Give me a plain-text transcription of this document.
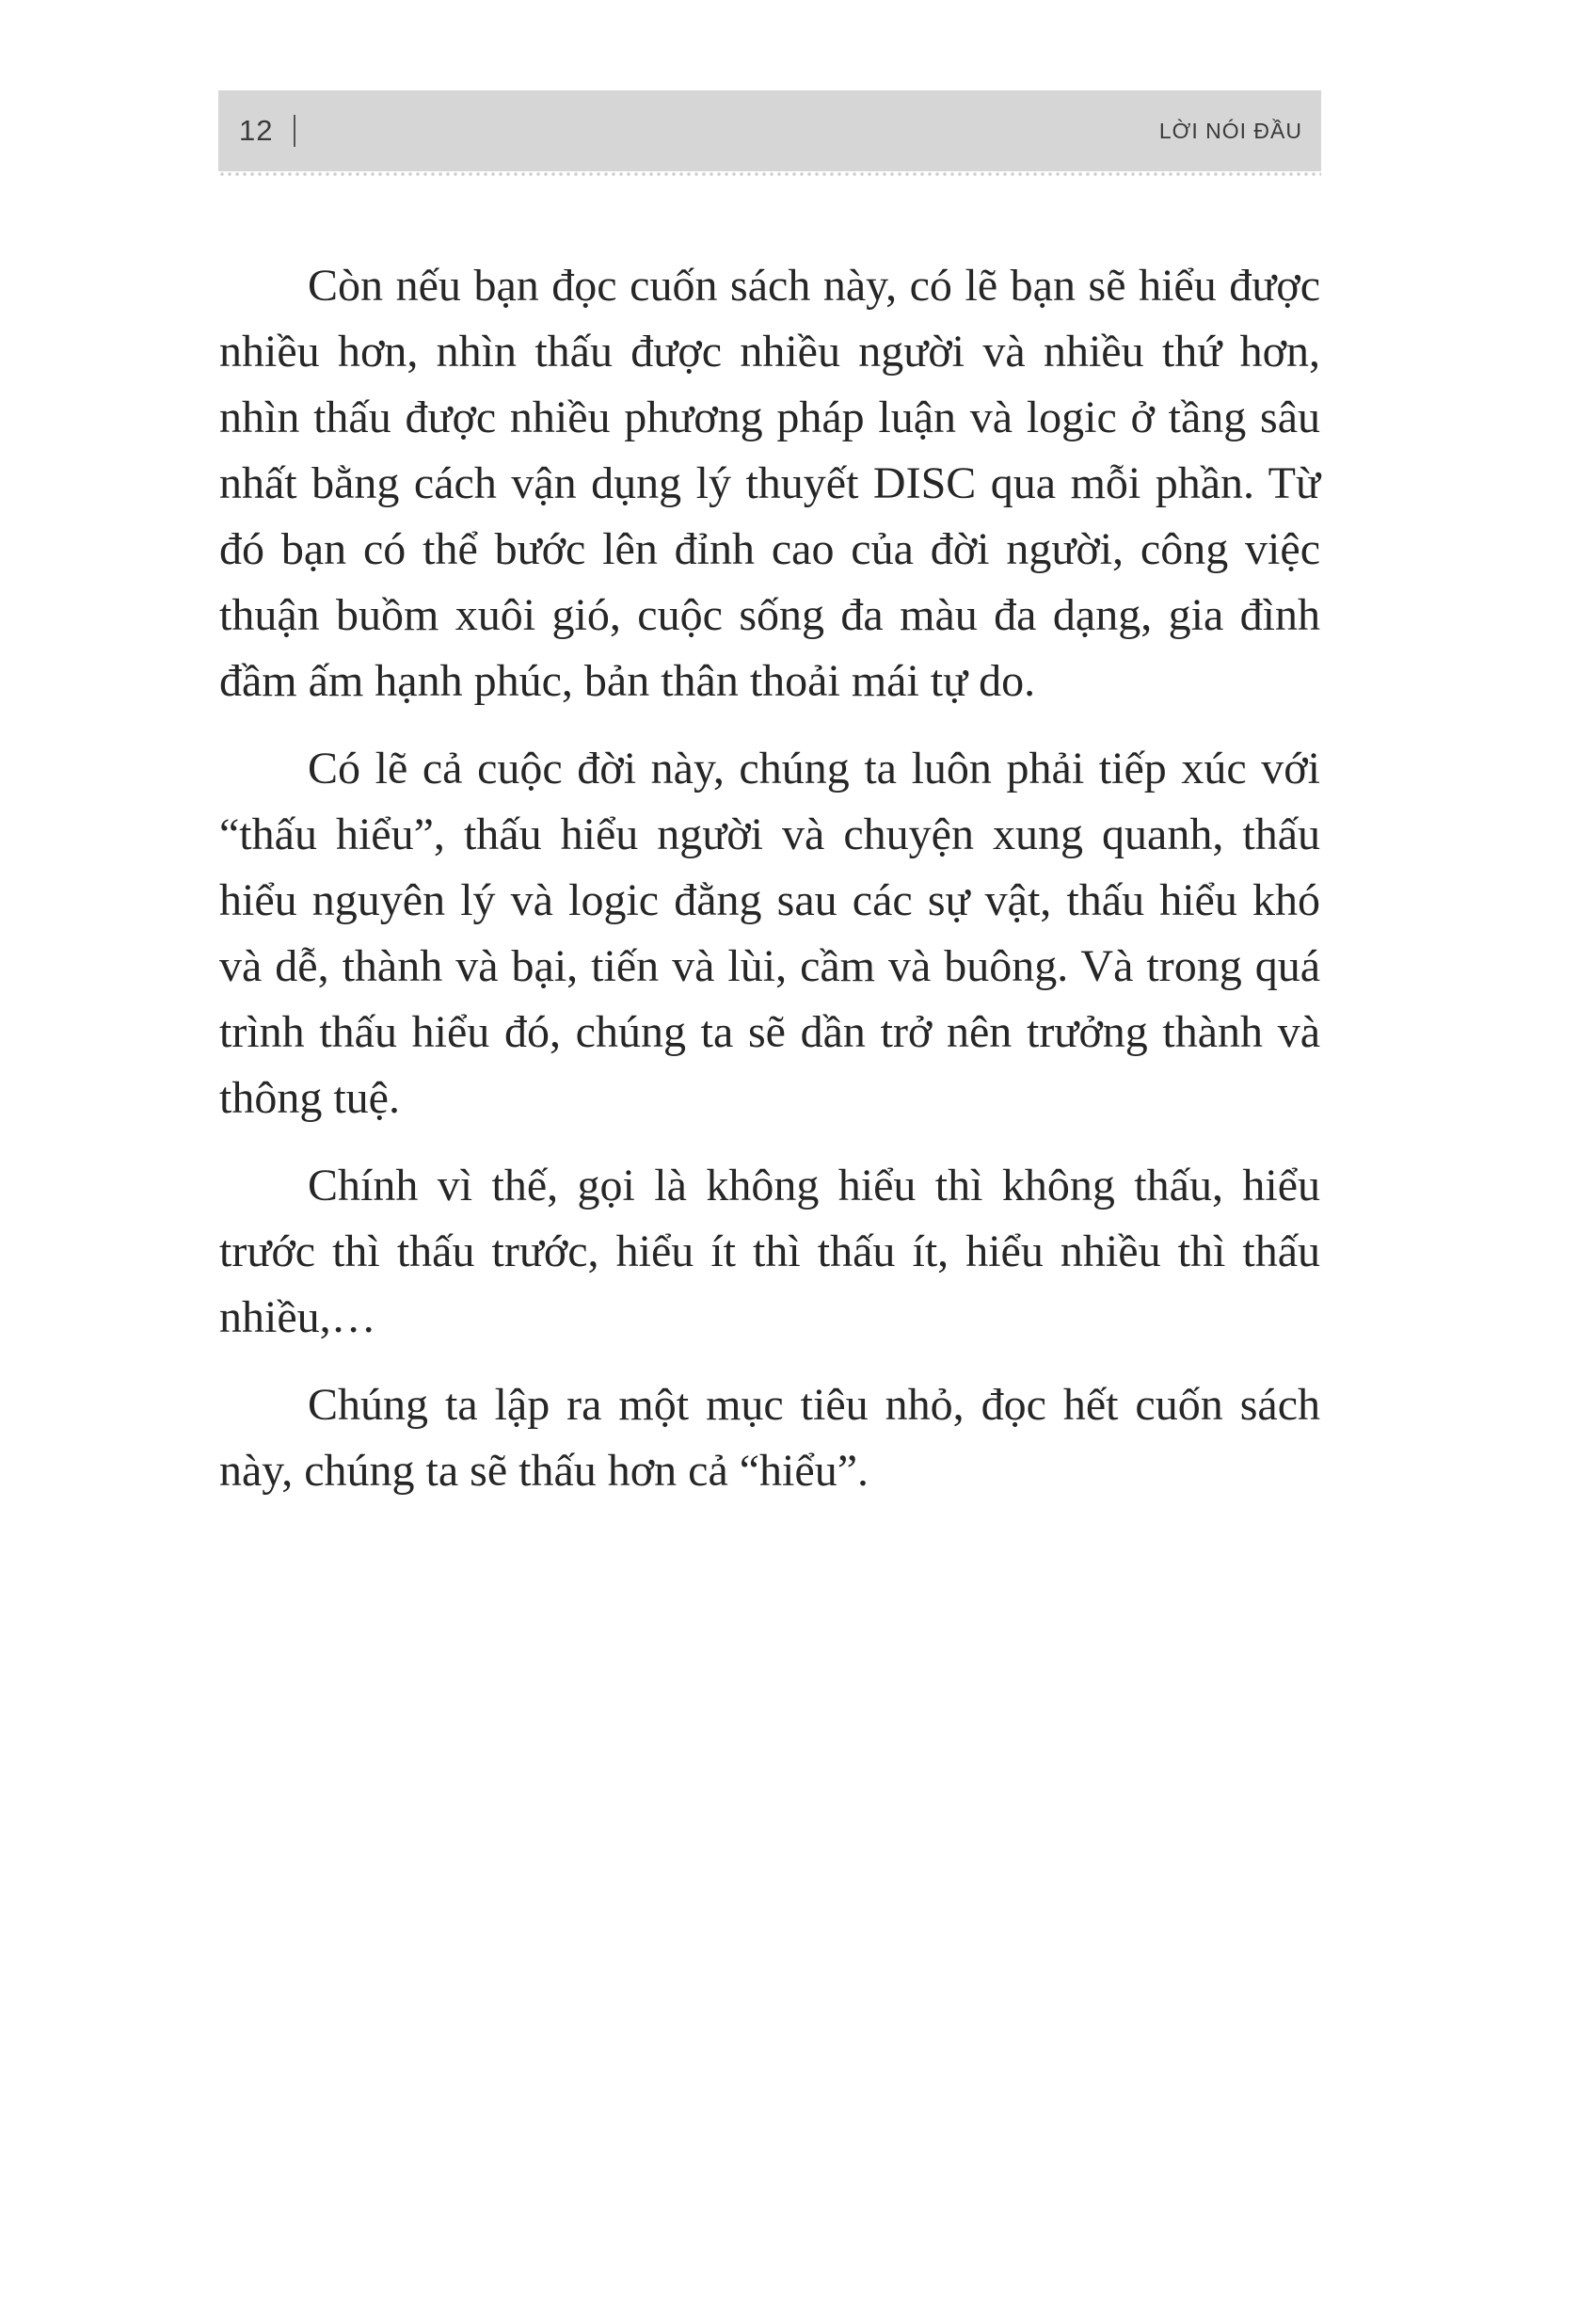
12	LỜI NÓI ĐẦU

Còn nếu bạn đọc cuốn sách này, có lẽ bạn sẽ hiểu được nhiều hơn, nhìn thấu được nhiều người và nhiều thứ hơn, nhìn thấu được nhiều phương pháp luận và logic ở tầng sâu nhất bằng cách vận dụng lý thuyết DISC qua mỗi phần. Từ đó bạn có thể bước lên đỉnh cao của đời người, công việc thuận buồm xuôi gió, cuộc sống đa màu đa dạng, gia đình đầm ấm hạnh phúc, bản thân thoải mái tự do.

Có lẽ cả cuộc đời này, chúng ta luôn phải tiếp xúc với “thấu hiểu”, thấu hiểu người và chuyện xung quanh, thấu hiểu nguyên lý và logic đằng sau các sự vật, thấu hiểu khó và dễ, thành và bại, tiến và lùi, cầm và buông. Và trong quá trình thấu hiểu đó, chúng ta sẽ dần trở nên trưởng thành và thông tuệ.

Chính vì thế, gọi là không hiểu thì không thấu, hiểu trước thì thấu trước, hiểu ít thì thấu ít, hiểu nhiều thì thấu nhiều,…

Chúng ta lập ra một mục tiêu nhỏ, đọc hết cuốn sách này, chúng ta sẽ thấu hơn cả “hiểu”.
